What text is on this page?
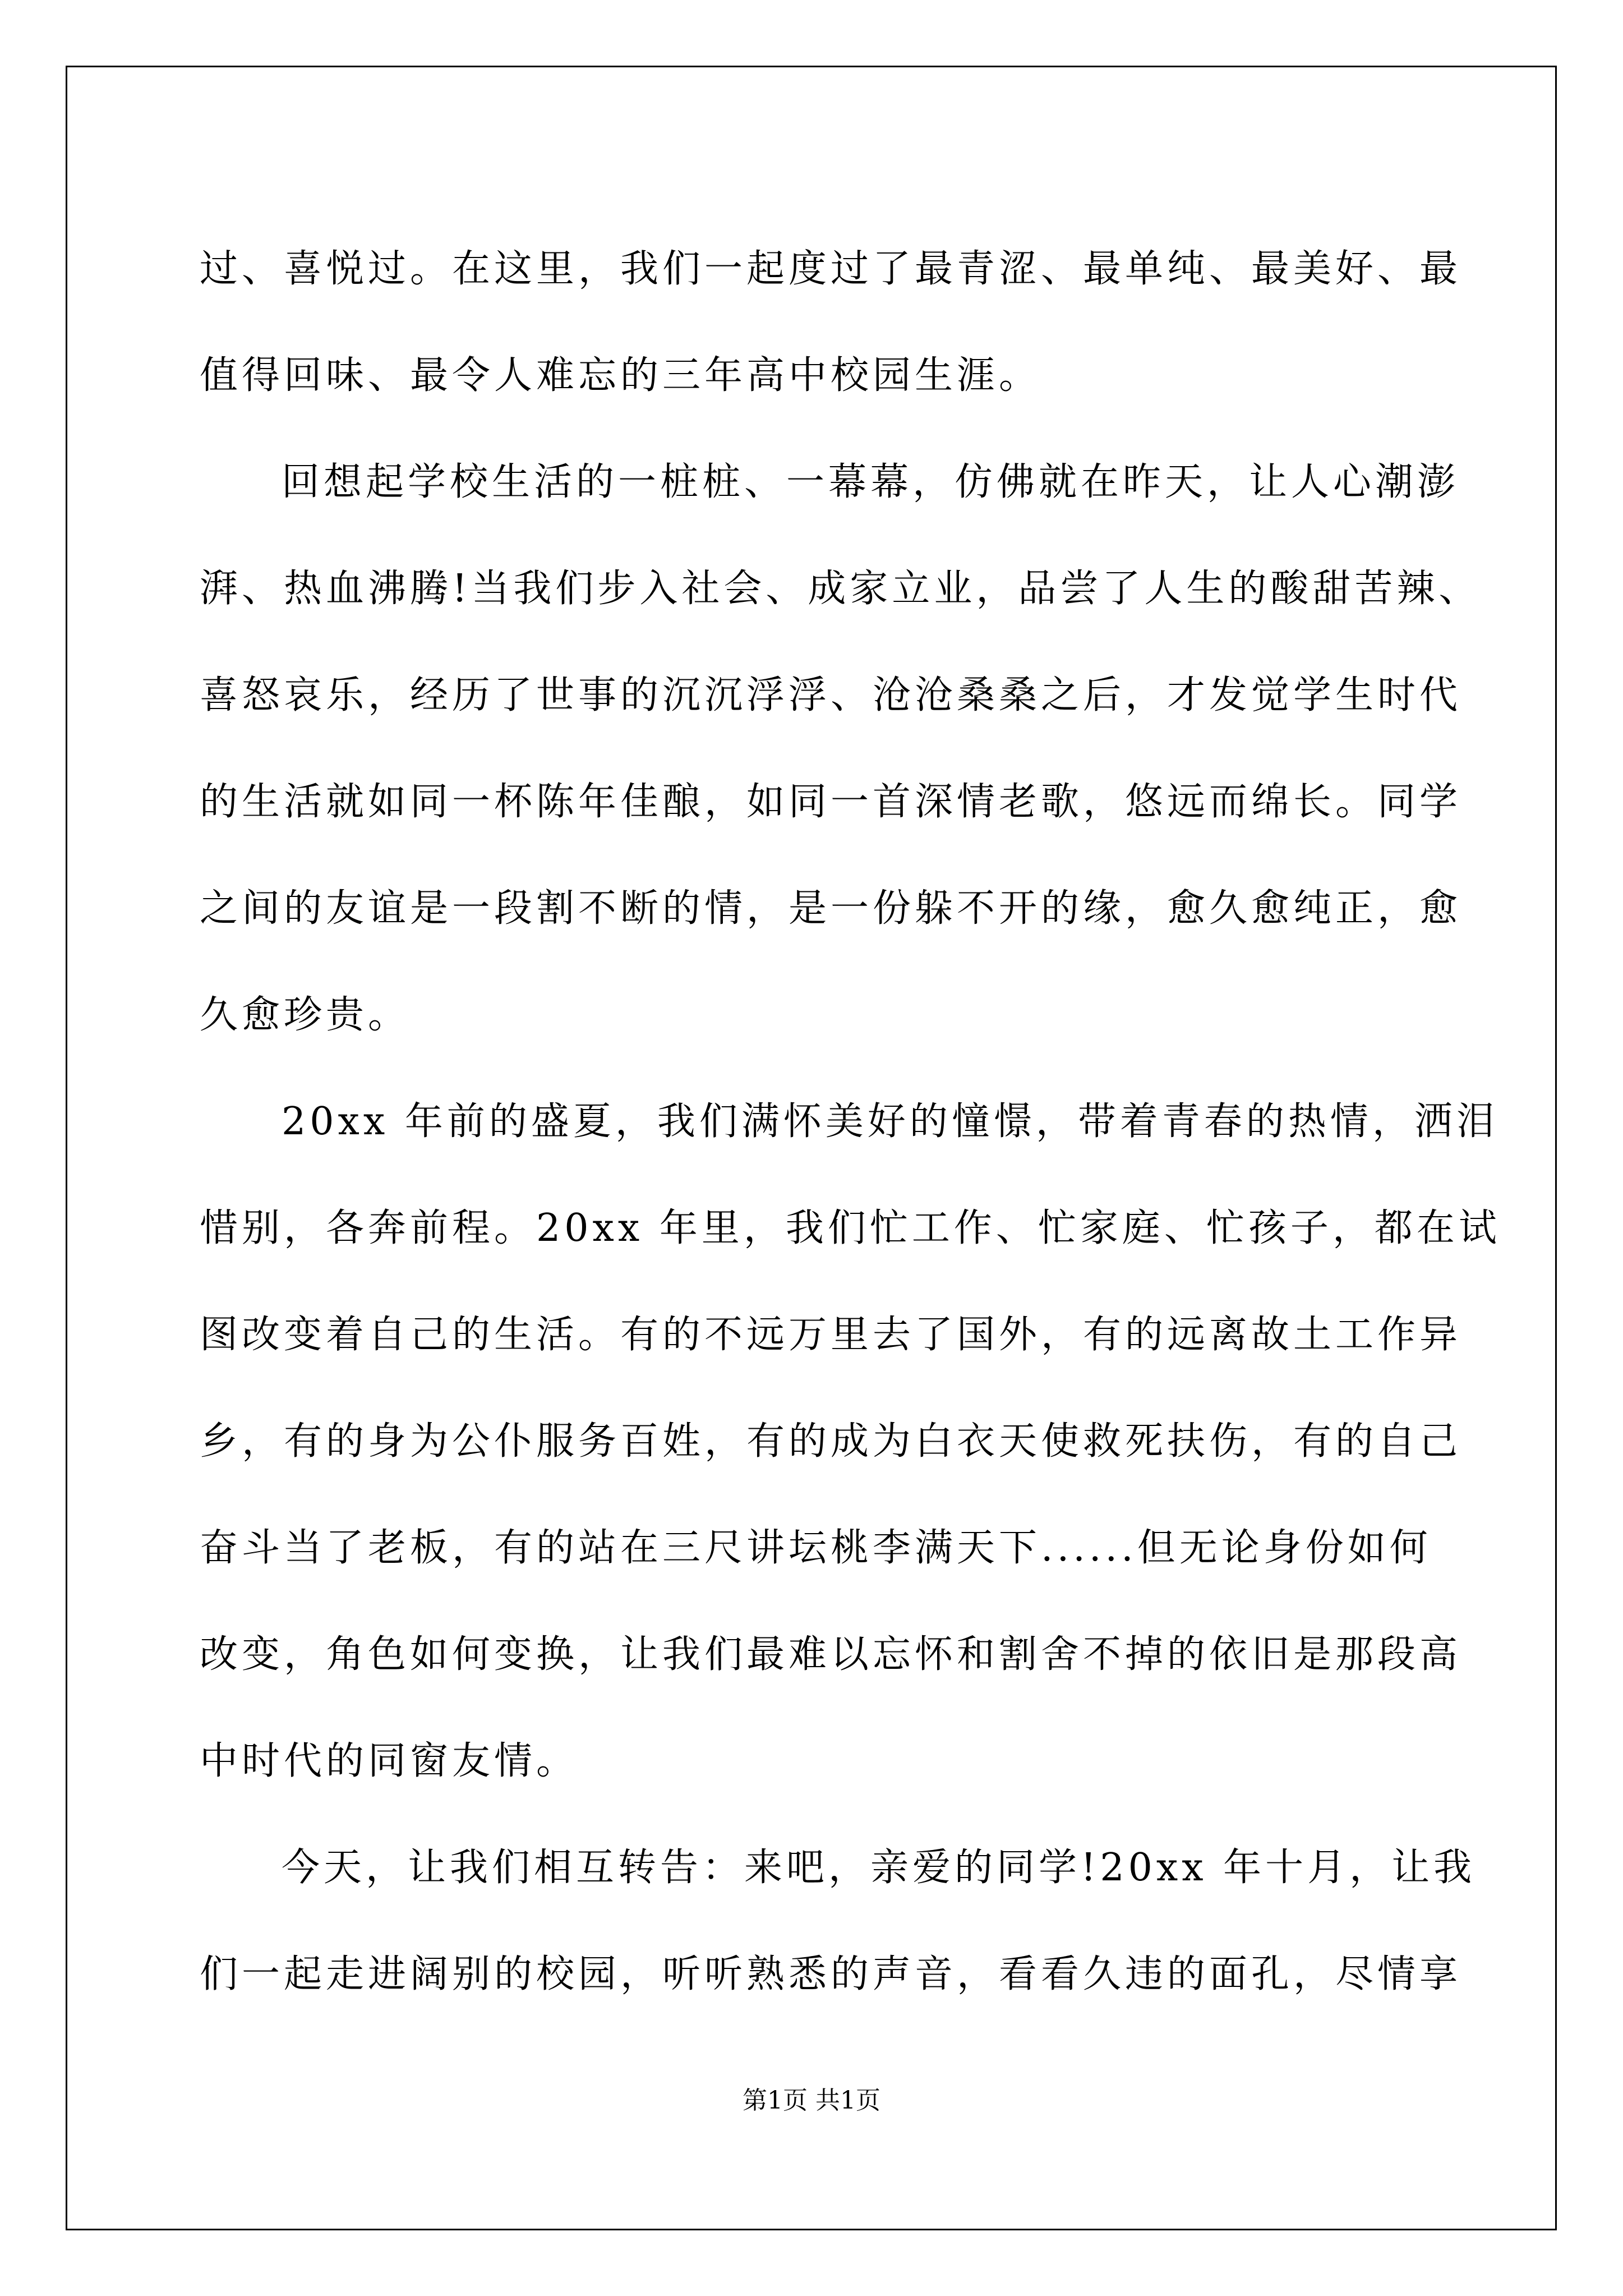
过、喜悦过。在这里，我们一起度过了最青涩、最单纯、最美好、最
值得回味、最令人难忘的三年高中校园生涯。
回想起学校生活的一桩桩、一幕幕，仿佛就在昨天，让人心潮澎
湃、热血沸腾!当我们步入社会、成家立业，品尝了人生的酸甜苦辣、
喜怒哀乐，经历了世事的沉沉浮浮、沧沧桑桑之后，才发觉学生时代
的生活就如同一杯陈年佳酿，如同一首深情老歌，悠远而绵长。同学
之间的友谊是一段割不断的情，是一份躲不开的缘，愈久愈纯正，愈
久愈珍贵。
20xx 年前的盛夏，我们满怀美好的憧憬，带着青春的热情，洒泪
惜别，各奔前程。20xx 年里，我们忙工作、忙家庭、忙孩子，都在试
图改变着自己的生活。有的不远万里去了国外，有的远离故土工作异
乡，有的身为公仆服务百姓，有的成为白衣天使救死扶伤，有的自己
奋斗当了老板，有的站在三尺讲坛桃李满天下......但无论身份如何
改变，角色如何变换，让我们最难以忘怀和割舍不掉的依旧是那段高
中时代的同窗友情。
今天，让我们相互转告：来吧，亲爱的同学!20xx 年十月，让我
们一起走进阔别的校园，听听熟悉的声音，看看久违的面孔，尽情享
第1页 共1页
